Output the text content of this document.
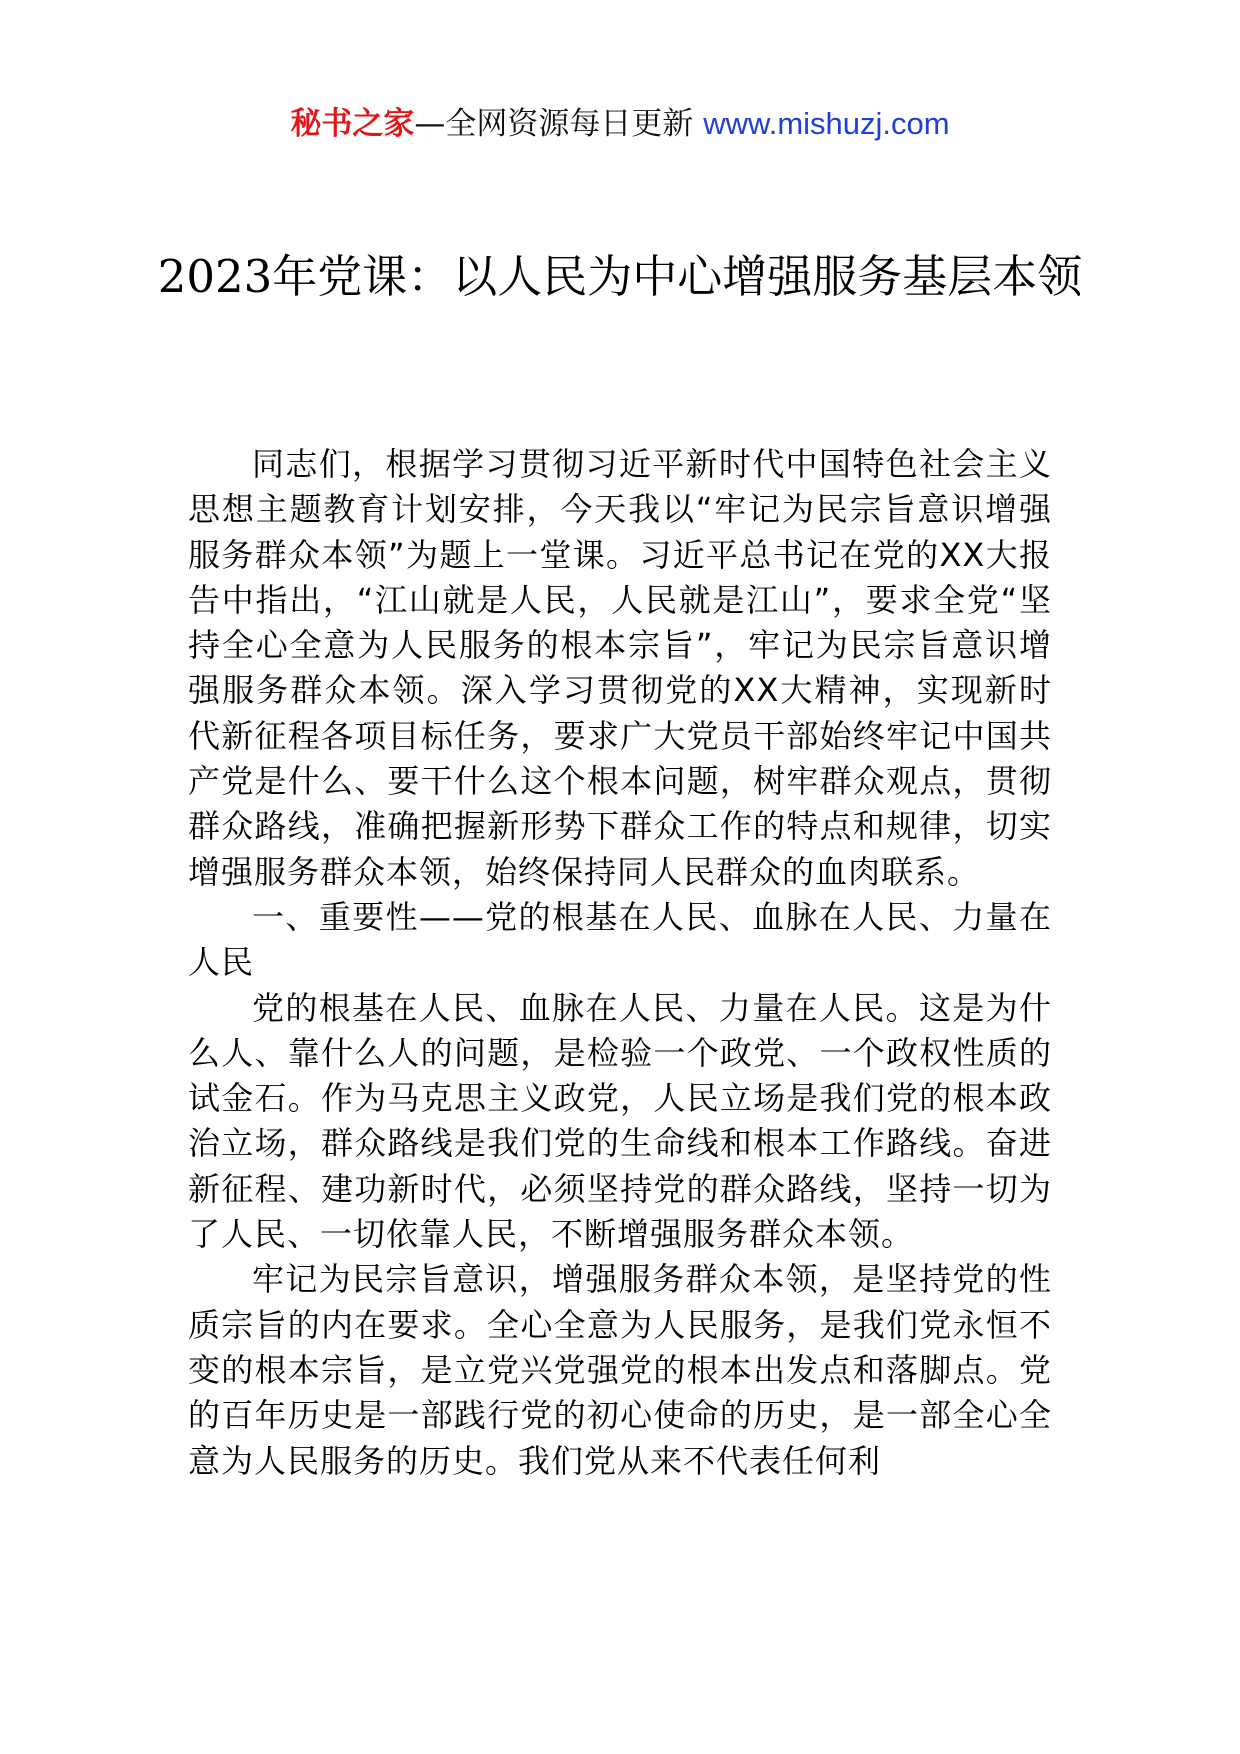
秘书之家—全网资源每日更新 www.mishuzj.com
2023年党课：以人民为中心增强服务基层本领

同志们，根据学习贯彻习近平新时代中国特色社会主义思想主题教育计划安排，今天我以“牢记为民宗旨意识增强服务群众本领”为题上一堂课。习近平总书记在党的XX大报告中指出，“江山就是人民，人民就是江山”，要求全党“坚持全心全意为人民服务的根本宗旨”，牢记为民宗旨意识增强服务群众本领。深入学习贯彻党的XX大精神，实现新时代新征程各项目标任务，要求广大党员干部始终牢记中国共产党是什么、要干什么这个根本问题，树牢群众观点，贯彻群众路线，准确把握新形势下群众工作的特点和规律，切实增强服务群众本领，始终保持同人民群众的血肉联系。

一、重要性——党的根基在人民、血脉在人民、力量在人民

党的根基在人民、血脉在人民、力量在人民。这是为什么人、靠什么人的问题，是检验一个政党、一个政权性质的试金石。作为马克思主义政党，人民立场是我们党的根本政治立场，群众路线是我们党的生命线和根本工作路线。奋进新征程、建功新时代，必须坚持党的群众路线，坚持一切为了人民、一切依靠人民，不断增强服务群众本领。

牢记为民宗旨意识，增强服务群众本领，是坚持党的性质宗旨的内在要求。全心全意为人民服务，是我们党永恒不变的根本宗旨，是立党兴党强党的根本出发点和落脚点。党的百年历史是一部践行党的初心使命的历史，是一部全心全意为人民服务的历史。我们党从来不代表任何利
